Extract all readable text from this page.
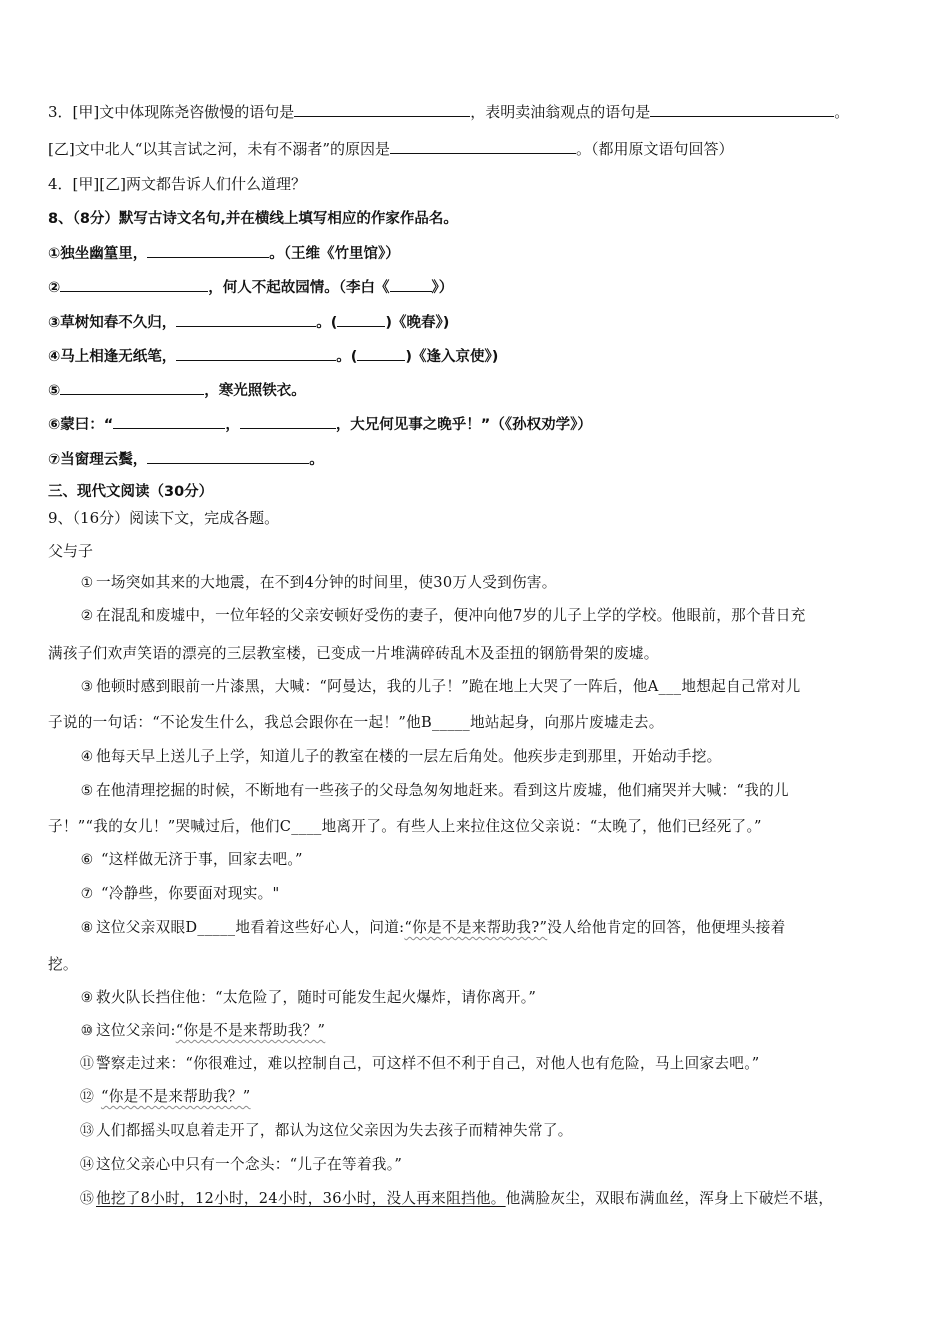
3．[甲]文中体现陈尧咨傲慢的语句是	，表明卖油翁观点的语句是	。
[乙]文中北人“以其言试之河，未有不溺者”的原因是	。（都用原文语句回答）
4．[甲][乙]两文都告诉人们什么道理？
8、（8分）默写古诗文名句,并在横线上填写相应的作家作品名。
①独坐幽篁里，	。（王维《竹里馆》）
②	，何人不起故园情。（李白《	》）
③草树知春不久归，	。(	)《晚春》)
④马上相逢无纸笔，	。(	)《逢入京使》)
⑤	，寒光照铁衣。
⑥蒙曰：“	，	，大兄何见事之晚乎！”（《孙权劝学》）
⑦当窗理云鬓，	。
三、现代文阅读（30分）
9、（16分）阅读下文，完成各题。
父与子
① 一场突如其来的大地震，在不到4分钟的时间里，使30万人受到伤害。
② 在混乱和废墟中，一位年轻的父亲安顿好受伤的妻子，便冲向他7岁的儿子上学的学校。他眼前，那个昔日充
满孩子们欢声笑语的漂亮的三层教室楼，已变成一片堆满碎砖乱木及歪扭的钢筋骨架的废墟。
③ 他顿时感到眼前一片漆黑，大喊：“阿曼达，我的儿子！”跪在地上大哭了一阵后，他A___地想起自己常对儿
子说的一句话：“不论发生什么，我总会跟你在一起！”他B_____地站起身，向那片废墟走去。
④ 他每天早上送儿子上学，知道儿子的教室在楼的一层左后角处。他疾步走到那里，开始动手挖。
⑤ 在他清理挖掘的时候，不断地有一些孩子的父母急匆匆地赶来。看到这片废墟，他们痛哭并大喊：“我的儿
子！”“我的女儿！”哭喊过后，他们C____地离开了。有些人上来拉住这位父亲说：“太晚了，他们已经死了。”
⑥ “这样做无济于事，回家去吧。”
⑦ “冷静些，你要面对现实。"
⑧ 这位父亲双眼D_____地看着这些好心人，问道:“你是不是来帮助我?”没人给他肯定的回答，他便埋头接着
挖。
⑨ 救火队长挡住他：“太危险了，随时可能发生起火爆炸，请你离开。”
⑩ 这位父亲问:“你是不是来帮助我？”
⑪ 警察走过来：“你很难过，难以控制自己，可这样不但不利于自己，对他人也有危险，马上回家去吧。”
⑫ “你是不是来帮助我？”
⑬ 人们都摇头叹息着走开了，都认为这位父亲因为失去孩子而精神失常了。
⑭ 这位父亲心中只有一个念头：“儿子在等着我。”
⑮ 他挖了8小时，12小时，24小时，36小时，没人再来阻挡他。他满脸灰尘，双眼布满血丝，浑身上下破烂不堪，
